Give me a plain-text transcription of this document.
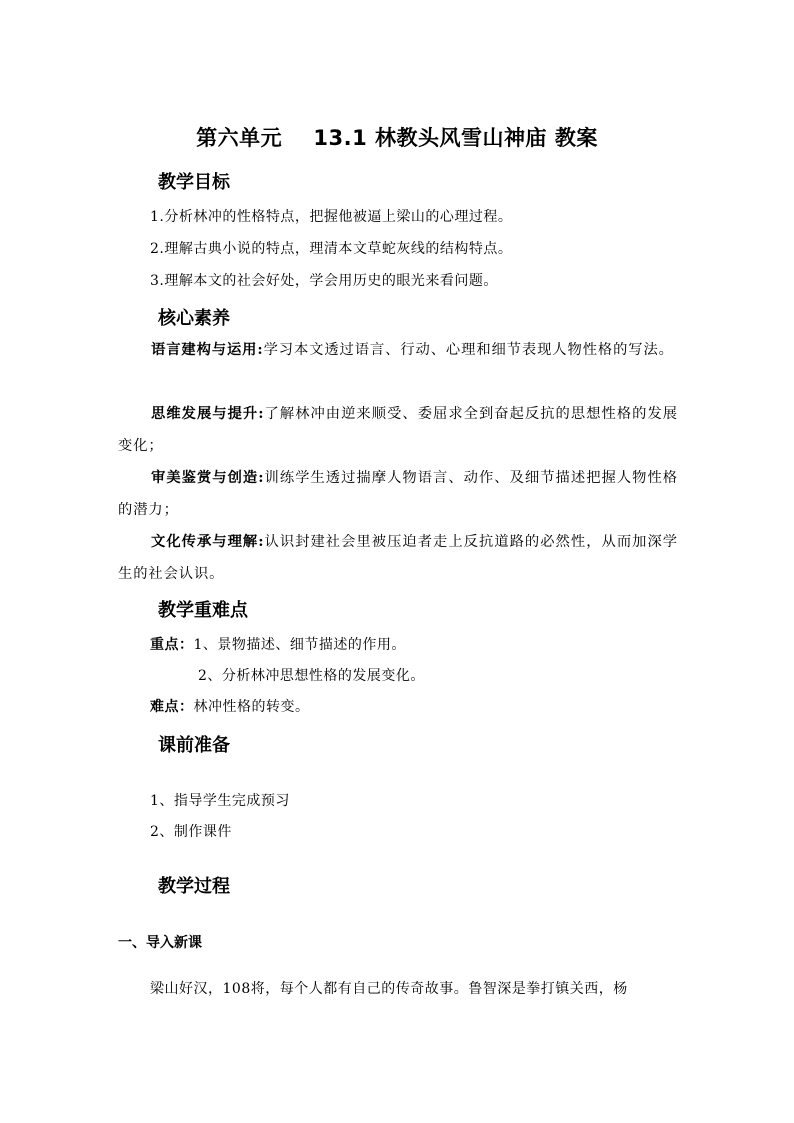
第六单元    13.1 林教头风雪山神庙 教案
教学目标
1.分析林冲的性格特点，把握他被逼上梁山的心理过程。
2.理解古典小说的特点，理清本文草蛇灰线的结构特点。
3.理解本文的社会好处，学会用历史的眼光来看问题。
核心素养
语言建构与运用:学习本文透过语言、行动、心理和细节表现人物性格的写法。
思维发展与提升:了解林冲由逆来顺受、委屈求全到奋起反抗的思想性格的发展变化；
审美鉴赏与创造:训练学生透过揣摩人物语言、动作、及细节描述把握人物性格的潜力；
文化传承与理解:认识封建社会里被压迫者走上反抗道路的必然性，从而加深学生的社会认识。
教学重难点
重点：1、景物描述、细节描述的作用。
2、分析林冲思想性格的发展变化。
难点：林冲性格的转变。
课前准备
1、指导学生完成预习
2、制作课件
教学过程
一、导入新课
梁山好汉，108将，每个人都有自己的传奇故事。鲁智深是拳打镇关西，杨
